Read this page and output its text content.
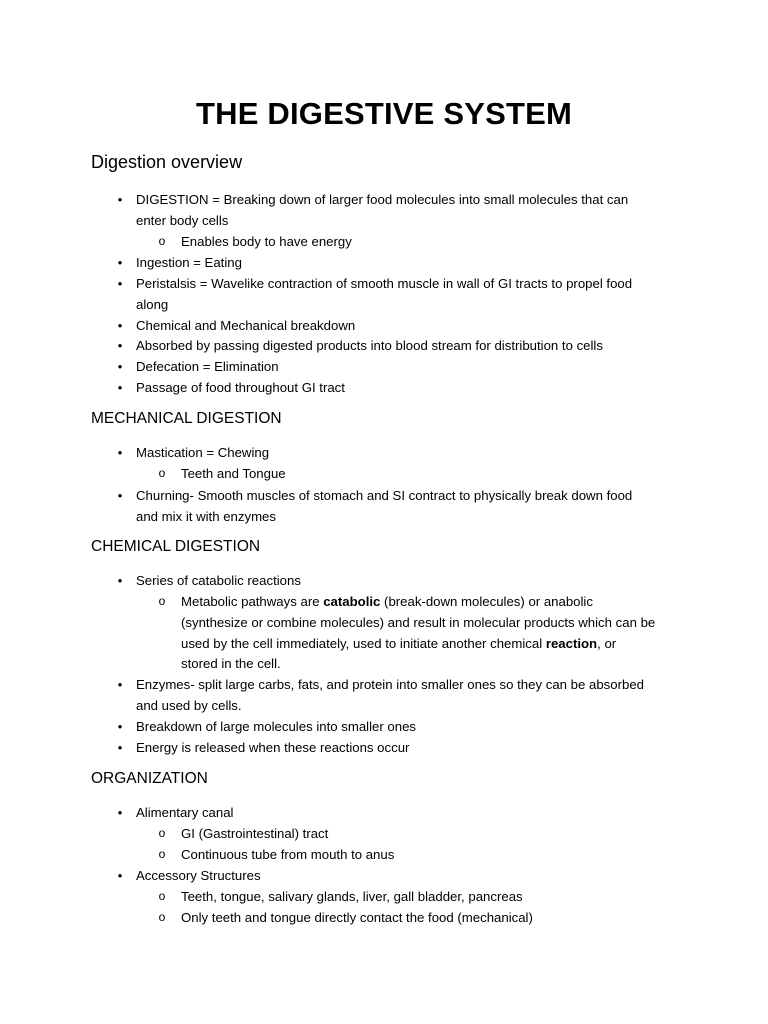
THE DIGESTIVE SYSTEM
Digestion overview
• DIGESTION = Breaking down of larger food molecules into small molecules that can

enter body cells

o Enables body to have energy

• Ingestion = Eating

• Peristalsis = Wavelike contraction of smooth muscle in wall of GI tracts to propel food

along

• Chemical and Mechanical breakdown

• Absorbed by passing digested products into blood stream for distribution to cells

• Defecation = Elimination

• Passage of food throughout GI tract

MECHANICAL DIGESTION
• Mastication = Chewing

o Teeth and Tongue

• Churning- Smooth muscles of stomach and SI contract to physically break down food

and mix it with enzymes

CHEMICAL DIGESTION
• Series of catabolic reactions

o Metabolic pathways are catabolic (break-down molecules) or anabolic

(synthesize or combine molecules) and result in molecular products which can be

used by the cell immediately, used to initiate another chemical reaction, or

stored in the cell.

• Enzymes- split large carbs, fats, and protein into smaller ones so they can be absorbed

and used by cells.

• Breakdown of large molecules into smaller ones

• Energy is released when these reactions occur

ORGANIZATION
• Alimentary canal

o GI (Gastrointestinal) tract

o Continuous tube from mouth to anus

• Accessory Structures

o Teeth, tongue, salivary glands, liver, gall bladder, pancreas

o Only teeth and tongue directly contact the food (mechanical)
